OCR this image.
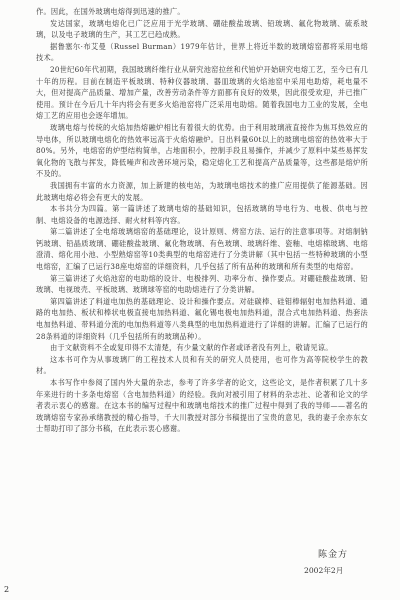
作。因此，在国外玻璃电熔得到迅速的推广。

发达国家，玻璃电熔化已广泛应用于光学玻璃、硼硅酸盐玻璃、铅玻璃、氟化物玻璃、硫系玻璃，以及电子玻璃的生产，其工艺已趋成熟。

据鲁塞尔·布艾曼（Russel Burman）1979年估计，世界上将近半数的玻璃熔窑都将采用电熔技术。

20世纪60年代初期，我国玻璃纤维行业从研究池窑拉丝和代铂炉开始研究电熔工艺，至今已有几十年的历程。目前在制造平板玻璃、特种仪器玻璃、器皿玻璃的火焰池窑中采用电助熔，耗电量不大，但对提高产品质量、增加产量，改善劳动条件等方面都有良好的效果，因此很受欢迎，并已推广使用。预计在今后几十年内将会有更多火焰池窑将广泛采用电助熔。随着我国电力工业的发展，全电熔工艺的应用也会逐年增加。

玻璃电熔与传统的火焰加热熔融炉相比有着很大的优势。由于利用玻璃液直接作为焦耳热效应的导电体，所以玻璃电熔化的热效率远高于火焰熔融炉。日出料量60t以上的玻璃电熔窑的热效率大于80%。另外，电熔窑的炉型结构简单，占地面积小，控制手段且易操作，并减少了原料中某些易挥发氧化物的飞散与挥发，降低噪声和改善环境污染，稳定熔化工艺和提高产品质量等，这些都是熔炉所不及的。

我国拥有丰富的水力资源，加上新建的核电站，为玻璃电熔技术的推广应用提供了能源基础。因此玻璃电熔必将会有更大的发展。

本书共分为四篇。第一篇讲述了玻璃电熔的基础知识，包括玻璃的导电行为、电极、供电与控制、电熔设备的电源选择、耐火材料等内容。

第二篇讲述了全电熔玻璃熔窑的基础理论，设计原则、烤窑方法、运行的注意事项等。对熔制钠钙玻璃、铅晶质玻璃、硼硅酸盐玻璃、氟化物玻璃、有色玻璃、玻璃纤维、瓷釉、电熔棉玻璃、电熔澄清、熔化用小池、小型熟熔窑等10类典型的电熔窑进行了分类讲解（其中包括一些特种玻璃的小型电熔窑，汇编了已运行38座电熔窑的详细资料，几乎包括了所有品种的玻璃和所有类型的电熔窑。

第三篇讲述了火焰池窑的电助熔的设计、电极排列、功率分布、操作要点。对硼硅酸盐玻璃、铅玻璃、电视玻壳、平板玻璃、玻璃球等窑的电助熔进行了分类讲解。

第四篇讲述了料道电加热的基础理论、设计和操作要点。对硅碳棒、硅钼棒辐射电加热料道、通路的电加热、板状和棒状电极直接电加热料道、氟化锡电极电加热料道，混合式电加热料道、热套法电加热料道、带料道分流的电加热料道等八类典型的电加热料道进行了详细的讲解。汇编了已运行的28条料道的详细资料（几乎包括所有的玻璃品种）。

由于文献资料不全或复印得不太清楚，有少量文献的作者或译者没有列上，敬请见谅。

这本书可作为从事玻璃厂的工程技术人员和有关的研究人员使用，也可作为高等院校学生的教材。

本书写作中参阅了国内外大量的杂志，参考了许多学者的论文，这些论文，是作者积累了几十多年来进行的十多条电熔窑（含电加热料道）的经验。我向对被引用了材料的杂志社、论著和论文的学者表示衷心的感谢。在这本书的编写过程中和玻璃电熔技术的推广过程中得到了我的导师——著名的玻璃熔窑专家孙承绪教授的精心指导，千大川教授对部分书稿提出了宝贵的意见，我的妻子余亦东女士帮助打印了部分书稿，在此表示衷心感谢。

陈金方
2002年2月
2
